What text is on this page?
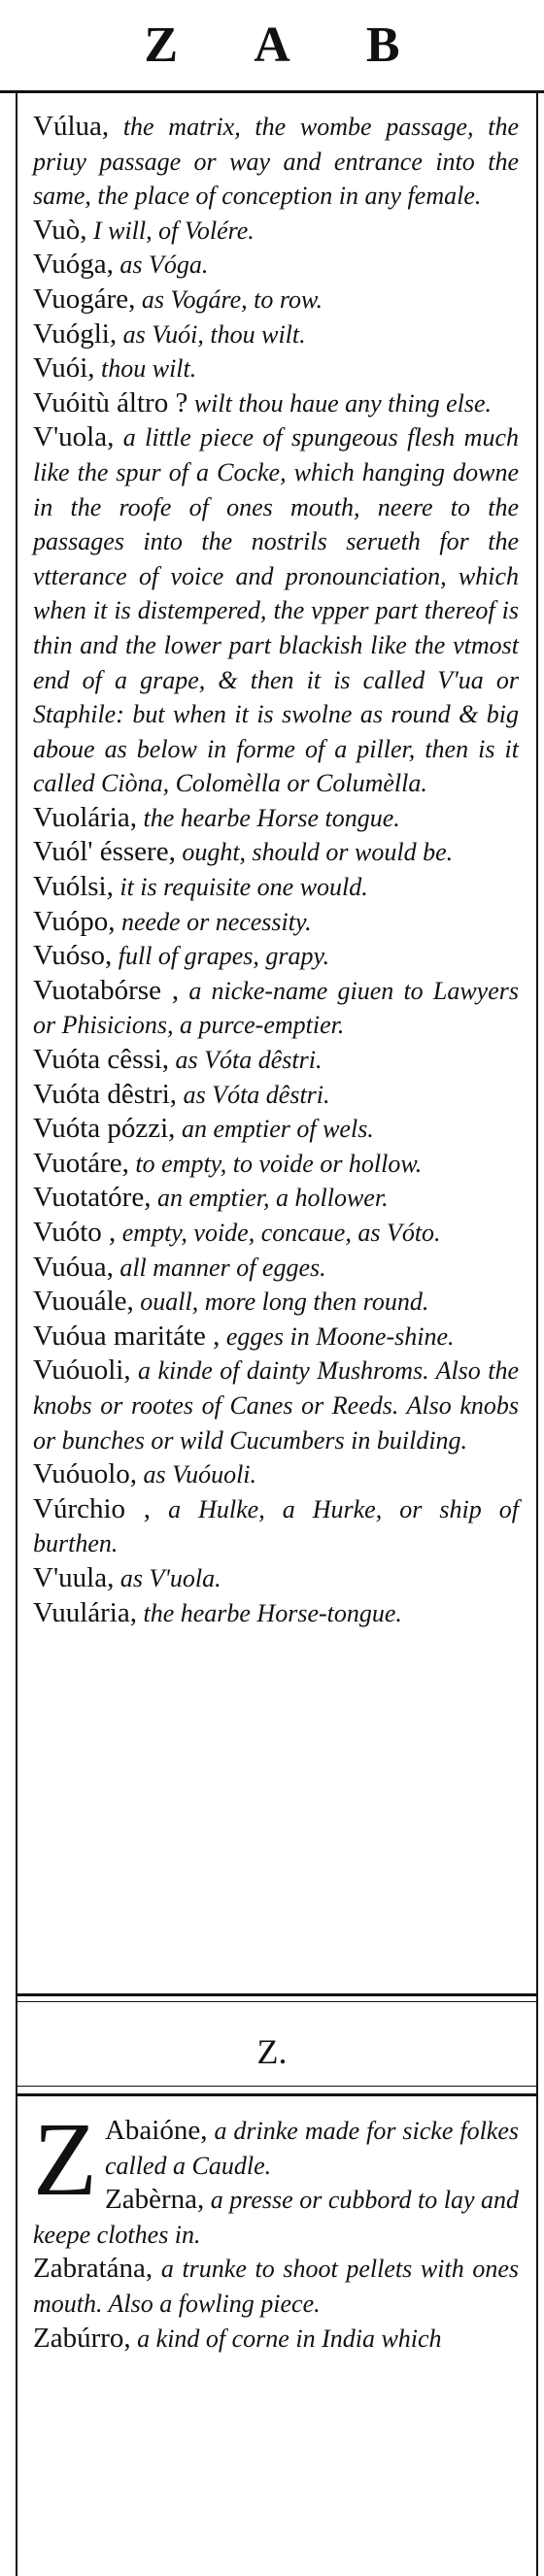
Z A B

Vúlua, the matrix, the wombe passage, the priuy passage or way and entrance into the same, the place of conception in any female.

Vuò, I will, of Volére.

Vuóga, as Vóga.

Vuogáre, as Vogáre, to row.

Vuógli, as Vuói, thou wilt.

Vuói, thou wilt.

Vuóitù áltro ? wilt thou haue any thing else.

V'uola, a little piece of spungeous flesh much like the spur of a Cocke, which hanging downe in the roofe of ones mouth, neere to the passages into the nostrils serueth for the vtterance of voice and pronounciation, which when it is distempered, the vpper part thereof is thin and the lower part blackish like the vtmost end of a grape, & then it is called V'ua or Staphile: but when it is swolne as round & big aboue as below in forme of a piller, then is it called Ciòna, Colomèlla or Columèlla.

Vuolária, the hearbe Horse tongue.

Vuól' éssere, ought, should or would be.

Vuólsi, it is requisite one would.

Vuópo, neede or necessity.

Vuóso, full of grapes, grapy.

Vuotabórse , a nicke-name giuen to Lawyers or Phisicions, a purce-emptier.

Vuóta cêssi, as Vóta dêstri.

Vuóta dêstri, as Vóta dêstri.

Vuóta pózzi, an emptier of wels.

Vuotáre, to empty, to voide or hollow.

Vuotatóre, an emptier, a hollower.

Vuóto , empty, voide, concaue, as Vóto.

Vuóua, all manner of egges.

Vuouále, ouall, more long then round.

Vuóua maritáte , egges in Moone-shine.

Vuóuoli, a kinde of dainty Mushroms. Also the knobs or rootes of Canes or Reeds. Also knobs or bunches or wild Cucumbers in building.

Vuóuolo, as Vuóuoli.

Vúrchio , a Hulke, a Hurke, or ship of burthen.

V'uula, as V'uola.

Vuulária, the hearbe Horse-tongue.

Z.

Z Abaióne, a drinke made for sicke folkes called a Caudle.

Zabèrna, a presse or cubbord to lay and keepe clothes in.

Zabratána, a trunke to shoot pellets with ones mouth. Also a fowling piece.

Zabúrro, a kind of corne in India which
